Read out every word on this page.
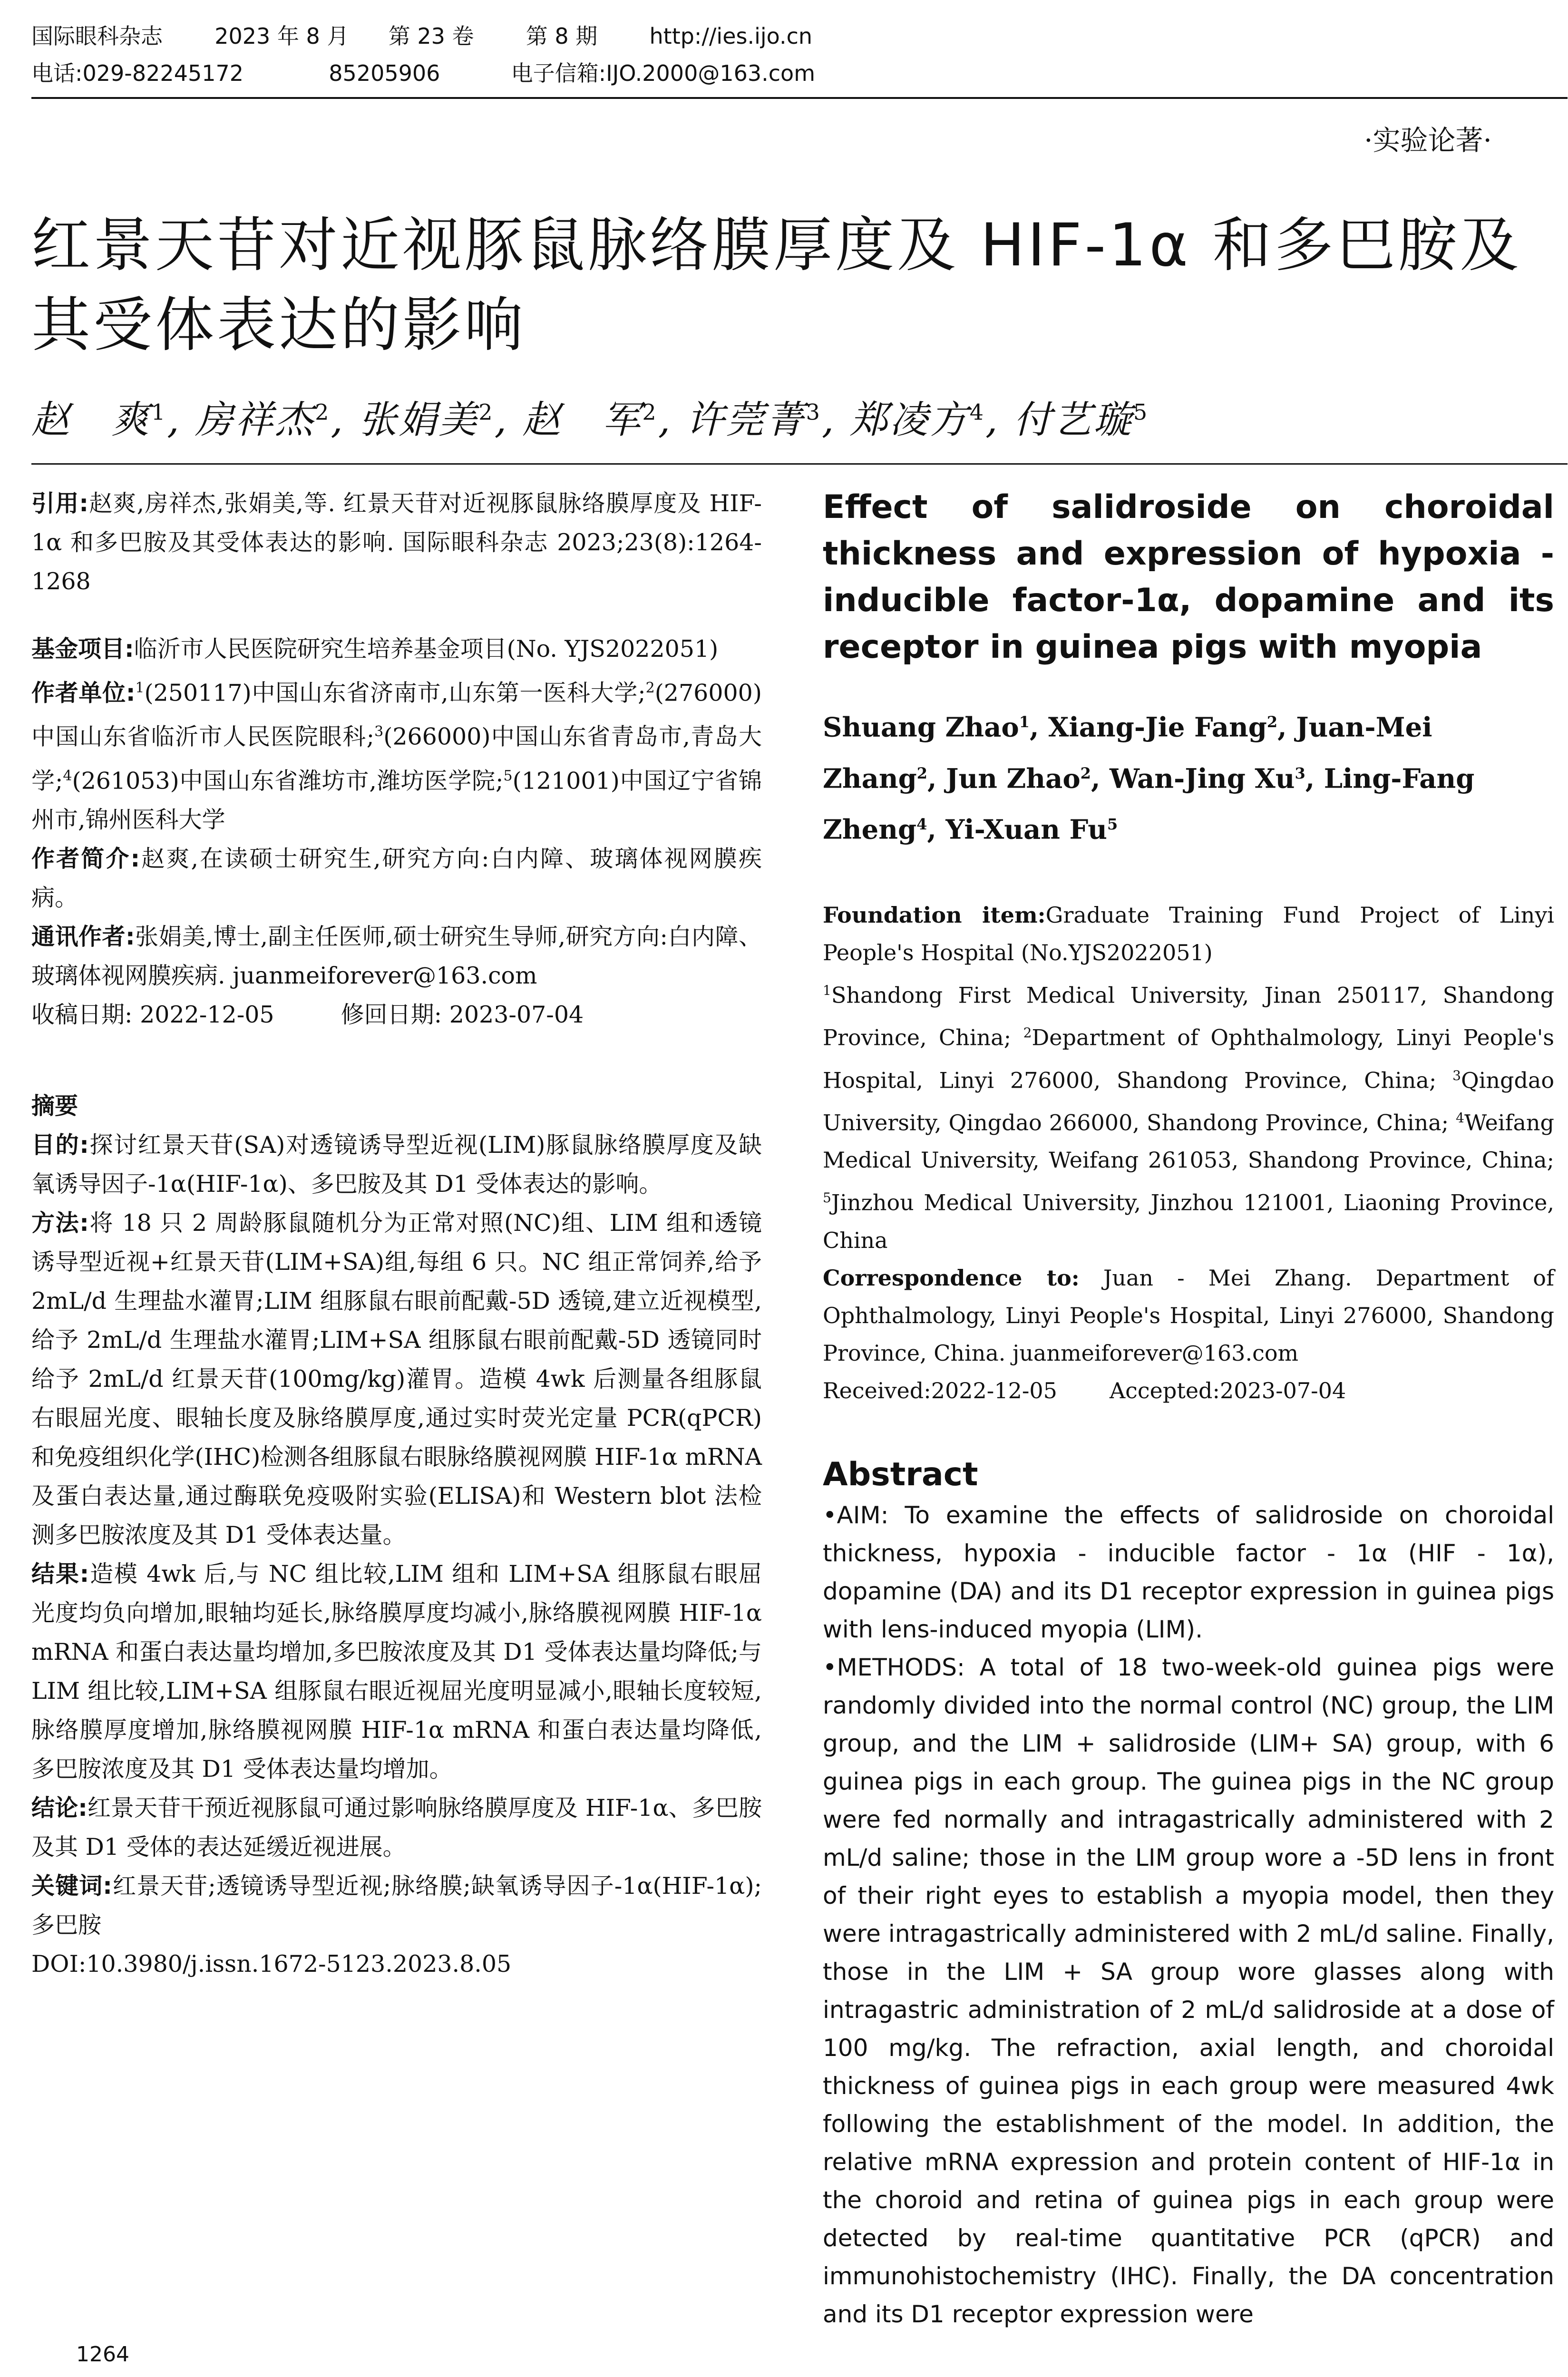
国际眼科杂志 2023 年 8 月 第 23 卷 第 8 期 http://ies.ijo.cn
电话:029-82245172	85205906	电子信箱:IJO.2000@163.com
·实验论著·
红景天苷对近视豚鼠脉络膜厚度及 HIF-1α 和多巴胺及其受体表达的影响
赵　爽$^1$, 房祥杰$^2$, 张娟美$^2$, 赵　军$^2$, 许莞菁$^3$, 郑凌方$^4$, 付艺璇$^5$

引用:赵爽,房祥杰,张娟美,等. 红景天苷对近视豚鼠脉络膜厚度及 HIF-1α 和多巴胺及其受体表达的影响. 国际眼科杂志 2023;23(8):1264-1268

基金项目:临沂市人民医院研究生培养基金项目(No. YJS2022051)

作者单位:$^1$(250117)中国山东省济南市,山东第一医科大学;$^2$(276000)中国山东省临沂市人民医院眼科;$^3$(266000)中国山东省青岛市,青岛大学;$^4$(261053)中国山东省潍坊市,潍坊医学院;$^5$(121001)中国辽宁省锦州市,锦州医科大学

作者简介:赵爽,在读硕士研究生,研究方向:白内障、玻璃体视网膜疾病。

通讯作者:张娟美,博士,副主任医师,硕士研究生导师,研究方向:白内障、玻璃体视网膜疾病. juanmeiforever@163.com

收稿日期: 2022-12-05	修回日期: 2023-07-04

摘要

目的:探讨红景天苷(SA)对透镜诱导型近视(LIM)豚鼠脉络膜厚度及缺氧诱导因子-1α(HIF-1α)、多巴胺及其 D1 受体表达的影响。

方法:将 18 只 2 周龄豚鼠随机分为正常对照(NC)组、LIM 组和透镜诱导型近视+红景天苷(LIM+SA)组,每组 6 只。NC 组正常饲养,给予 2mL/d 生理盐水灌胃;LIM 组豚鼠右眼前配戴-5D 透镜,建立近视模型,给予 2mL/d 生理盐水灌胃;LIM+SA 组豚鼠右眼前配戴-5D 透镜同时给予 2mL/d 红景天苷(100mg/kg)灌胃。造模 4wk 后测量各组豚鼠右眼屈光度、眼轴长度及脉络膜厚度,通过实时荧光定量 PCR(qPCR)和免疫组织化学(IHC)检测各组豚鼠右眼脉络膜视网膜 HIF-1α mRNA 及蛋白表达量,通过酶联免疫吸附实验(ELISA)和 Western blot 法检测多巴胺浓度及其 D1 受体表达量。

结果:造模 4wk 后,与 NC 组比较,LIM 组和 LIM+SA 组豚鼠右眼屈光度均负向增加,眼轴均延长,脉络膜厚度均减小,脉络膜视网膜 HIF-1α mRNA 和蛋白表达量均增加,多巴胺浓度及其 D1 受体表达量均降低;与 LIM 组比较,LIM+SA 组豚鼠右眼近视屈光度明显减小,眼轴长度较短,脉络膜厚度增加,脉络膜视网膜 HIF-1α mRNA 和蛋白表达量均降低,多巴胺浓度及其 D1 受体表达量均增加。

结论:红景天苷干预近视豚鼠可通过影响脉络膜厚度及 HIF-1α、多巴胺及其 D1 受体的表达延缓近视进展。

关键词:红景天苷;透镜诱导型近视;脉络膜;缺氧诱导因子-1α(HIF-1α);多巴胺

DOI:10.3980/j.issn.1672-5123.2023.8.05

Effect of salidroside on choroidal thickness and expression of hypoxia - inducible factor-1α, dopamine and its receptor in guinea pigs with myopia
Shuang Zhao$^1$, Xiang-Jie Fang$^2$, Juan-Mei Zhang$^2$, Jun Zhao$^2$, Wan-Jing Xu$^3$, Ling-Fang Zheng$^4$, Yi-Xuan Fu$^5$

Foundation item:Graduate Training Fund Project of Linyi People's Hospital (No.YJS2022051)

$^1$Shandong First Medical University, Jinan 250117, Shandong Province, China; $^2$Department of Ophthalmology, Linyi People's Hospital, Linyi 276000, Shandong Province, China; $^3$Qingdao University, Qingdao 266000, Shandong Province, China; $^4$Weifang Medical University, Weifang 261053, Shandong Province, China; $^5$Jinzhou Medical University, Jinzhou 121001, Liaoning Province, China

Correspondence to: Juan - Mei Zhang. Department of Ophthalmology, Linyi People's Hospital, Linyi 276000, Shandong Province, China. juanmeiforever@163.com

Received:2022-12-05 Accepted:2023-07-04

Abstract

•AIM: To examine the effects of salidroside on choroidal thickness, hypoxia - inducible factor - 1α (HIF - 1α), dopamine (DA) and its D1 receptor expression in guinea pigs with lens-induced myopia (LIM).

•METHODS: A total of 18 two-week-old guinea pigs were randomly divided into the normal control (NC) group, the LIM group, and the LIM + salidroside (LIM+ SA) group, with 6 guinea pigs in each group. The guinea pigs in the NC group were fed normally and intragastrically administered with 2 mL/d saline; those in the LIM group wore a -5D lens in front of their right eyes to establish a myopia model, then they were intragastrically administered with 2 mL/d saline. Finally, those in the LIM + SA group wore glasses along with intragastric administration of 2 mL/d salidroside at a dose of 100 mg/kg. The refraction, axial length, and choroidal thickness of guinea pigs in each group were measured 4wk following the establishment of the model. In addition, the relative mRNA expression and protein content of HIF-1α in the choroid and retina of guinea pigs in each group were detected by real-time quantitative PCR (qPCR) and immunohistochemistry (IHC). Finally, the DA concentration and its D1 receptor expression were

1264
